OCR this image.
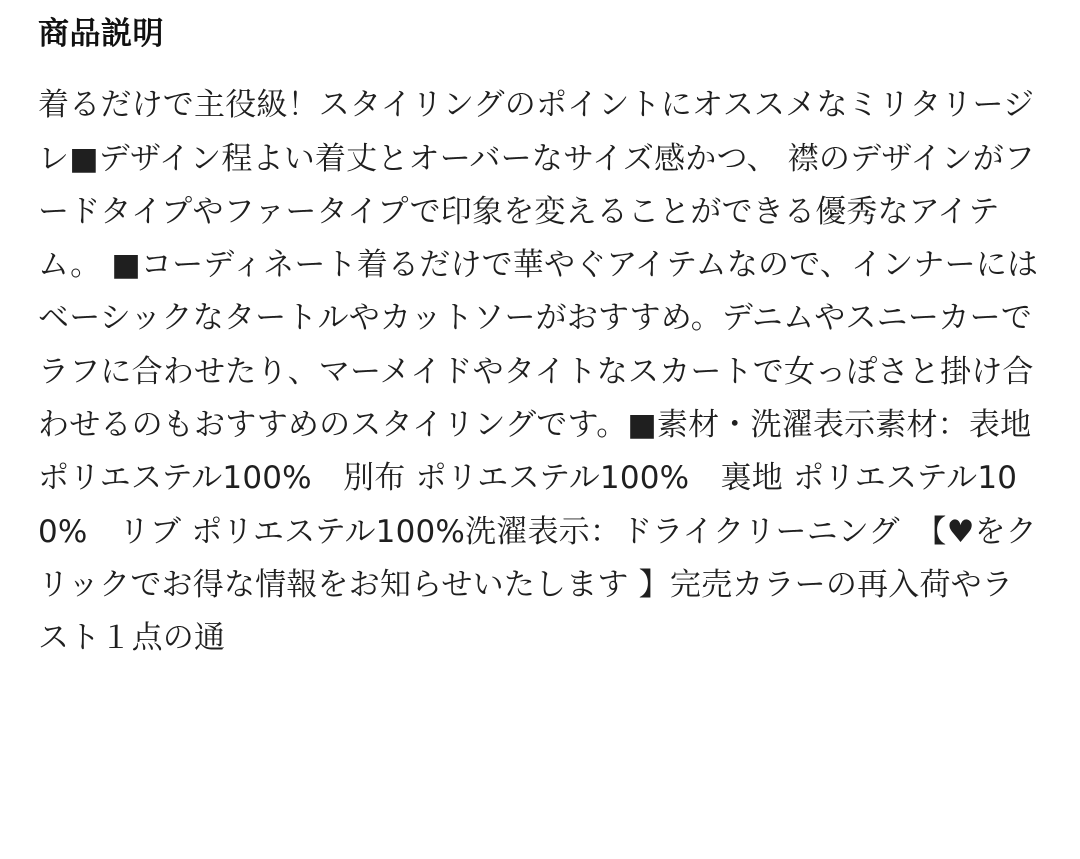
商品説明
着るだけで主役級！スタイリングのポイントにオススメなミリタリージレ■デザイン程よい着丈とオーバーなサイズ感かつ、 襟のデザインがフードタイプやファータイプで印象を変えることができる優秀なアイテム。 ■コーディネート着るだけで華やぐアイテムなので、インナーにはベーシックなタートルやカットソーがおすすめ。デニムやスニーカーでラフに合わせたり、マーメイドやタイトなスカートで女っぽさと掛け合わせるのもおすすめのスタイリングです。■素材・洗濯表示素材：表地 ポリエステル100%　別布 ポリエステル100%　裏地 ポリエステル100%　リブ ポリエステル100%洗濯表示：ドライクリーニング　【♥をクリックでお得な情報をお知らせいたします 】完売カラーの再入荷やラスト１点の通
